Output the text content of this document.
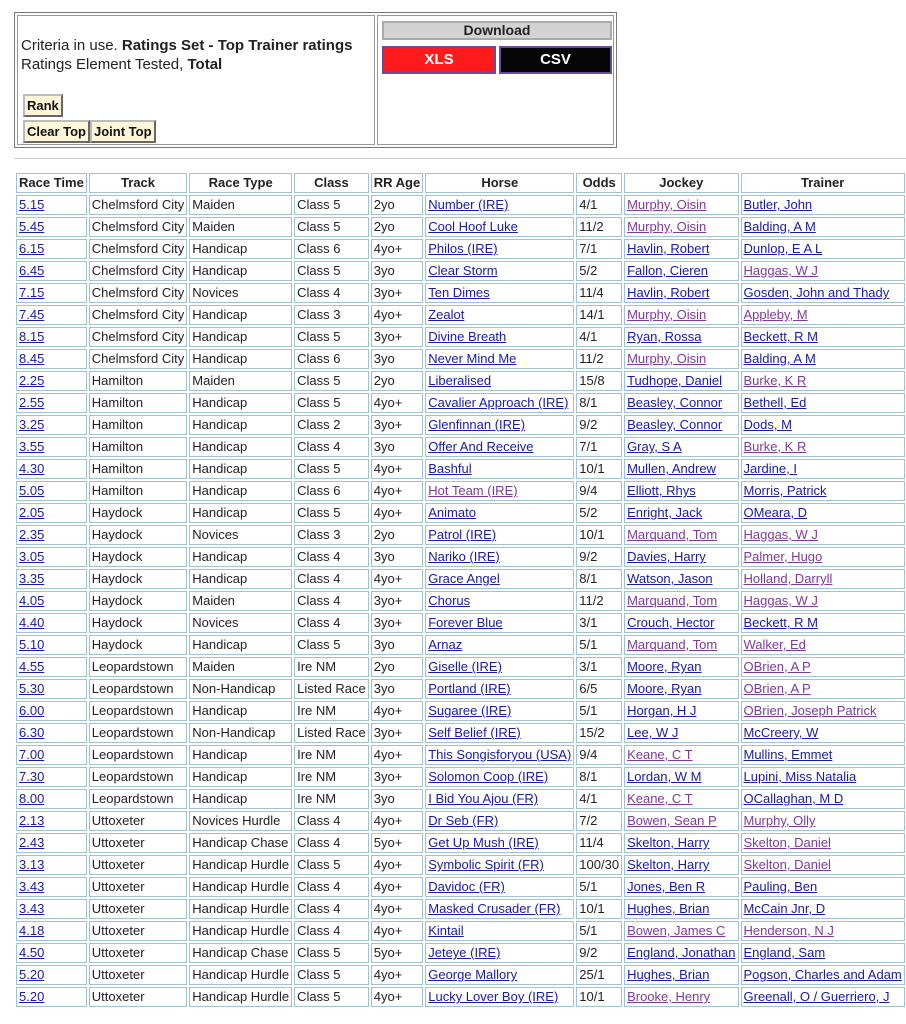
Criteria in use. Ratings Set - Top Trainer ratings
Ratings Element Tested, Total
Rank
Clear Top Joint Top
Download
XLS	CSV
Race Time	Track	Race Type	Class	RR Age	Horse	Odds	Jockey	Trainer
5.15	Chelmsford City	Maiden	Class 5	2yo	Number (IRE)	4/1	Murphy, Oisin	Butler, John
5.45	Chelmsford City	Maiden	Class 5	2yo	Cool Hoof Luke	11/2	Murphy, Oisin	Balding, A M
6.15	Chelmsford City	Handicap	Class 6	4yo+	Philos (IRE)	7/1	Havlin, Robert	Dunlop, E A L
6.45	Chelmsford City	Handicap	Class 5	3yo	Clear Storm	5/2	Fallon, Cieren	Haggas, W J
7.15	Chelmsford City	Novices	Class 4	3yo+	Ten Dimes	11/4	Havlin, Robert	Gosden, John and Thady
7.45	Chelmsford City	Handicap	Class 3	4yo+	Zealot	14/1	Murphy, Oisin	Appleby, M
8.15	Chelmsford City	Handicap	Class 5	3yo+	Divine Breath	4/1	Ryan, Rossa	Beckett, R M
8.45	Chelmsford City	Handicap	Class 6	3yo	Never Mind Me	11/2	Murphy, Oisin	Balding, A M
2.25	Hamilton	Maiden	Class 5	2yo	Liberalised	15/8	Tudhope, Daniel	Burke, K R
2.55	Hamilton	Handicap	Class 5	4yo+	Cavalier Approach (IRE)	8/1	Beasley, Connor	Bethell, Ed
3.25	Hamilton	Handicap	Class 2	3yo+	Glenfinnan (IRE)	9/2	Beasley, Connor	Dods, M
3.55	Hamilton	Handicap	Class 4	3yo	Offer And Receive	7/1	Gray, S A	Burke, K R
4.30	Hamilton	Handicap	Class 5	4yo+	Bashful	10/1	Mullen, Andrew	Jardine, I
5.05	Hamilton	Handicap	Class 6	4yo+	Hot Team (IRE)	9/4	Elliott, Rhys	Morris, Patrick
2.05	Haydock	Handicap	Class 5	4yo+	Animato	5/2	Enright, Jack	OMeara, D
2.35	Haydock	Novices	Class 3	2yo	Patrol (IRE)	10/1	Marquand, Tom	Haggas, W J
3.05	Haydock	Handicap	Class 4	3yo	Nariko (IRE)	9/2	Davies, Harry	Palmer, Hugo
3.35	Haydock	Handicap	Class 4	4yo+	Grace Angel	8/1	Watson, Jason	Holland, Darryll
4.05	Haydock	Maiden	Class 4	3yo+	Chorus	11/2	Marquand, Tom	Haggas, W J
4.40	Haydock	Novices	Class 4	3yo+	Forever Blue	3/1	Crouch, Hector	Beckett, R M
5.10	Haydock	Handicap	Class 5	3yo	Arnaz	5/1	Marquand, Tom	Walker, Ed
4.55	Leopardstown	Maiden	Ire NM	2yo	Giselle (IRE)	3/1	Moore, Ryan	OBrien, A P
5.30	Leopardstown	Non-Handicap	Listed Race	3yo	Portland (IRE)	6/5	Moore, Ryan	OBrien, A P
6.00	Leopardstown	Handicap	Ire NM	4yo+	Sugaree (IRE)	5/1	Horgan, H J	OBrien, Joseph Patrick
6.30	Leopardstown	Non-Handicap	Listed Race	3yo+	Self Belief (IRE)	15/2	Lee, W J	McCreery, W
7.00	Leopardstown	Handicap	Ire NM	4yo+	This Songisforyou (USA)	9/4	Keane, C T	Mullins, Emmet
7.30	Leopardstown	Handicap	Ire NM	3yo+	Solomon Coop (IRE)	8/1	Lordan, W M	Lupini, Miss Natalia
8.00	Leopardstown	Handicap	Ire NM	3yo	I Bid You Ajou (FR)	4/1	Keane, C T	OCallaghan, M D
2.13	Uttoxeter	Novices Hurdle	Class 4	4yo+	Dr Seb (FR)	7/2	Bowen, Sean P	Murphy, Olly
2.43	Uttoxeter	Handicap Chase	Class 4	5yo+	Get Up Mush (IRE)	11/4	Skelton, Harry	Skelton, Daniel
3.13	Uttoxeter	Handicap Hurdle	Class 5	4yo+	Symbolic Spirit (FR)	100/30	Skelton, Harry	Skelton, Daniel
3.43	Uttoxeter	Handicap Hurdle	Class 4	4yo+	Davidoc (FR)	5/1	Jones, Ben R	Pauling, Ben
3.43	Uttoxeter	Handicap Hurdle	Class 4	4yo+	Masked Crusader (FR)	10/1	Hughes, Brian	McCain Jnr, D
4.18	Uttoxeter	Handicap Hurdle	Class 4	4yo+	Kintail	5/1	Bowen, James C	Henderson, N J
4.50	Uttoxeter	Handicap Chase	Class 5	5yo+	Jeteye (IRE)	9/2	England, Jonathan	England, Sam
5.20	Uttoxeter	Handicap Hurdle	Class 5	4yo+	George Mallory	25/1	Hughes, Brian	Pogson, Charles and Adam
5.20	Uttoxeter	Handicap Hurdle	Class 5	4yo+	Lucky Lover Boy (IRE)	10/1	Brooke, Henry	Greenall, O / Guerriero, J
